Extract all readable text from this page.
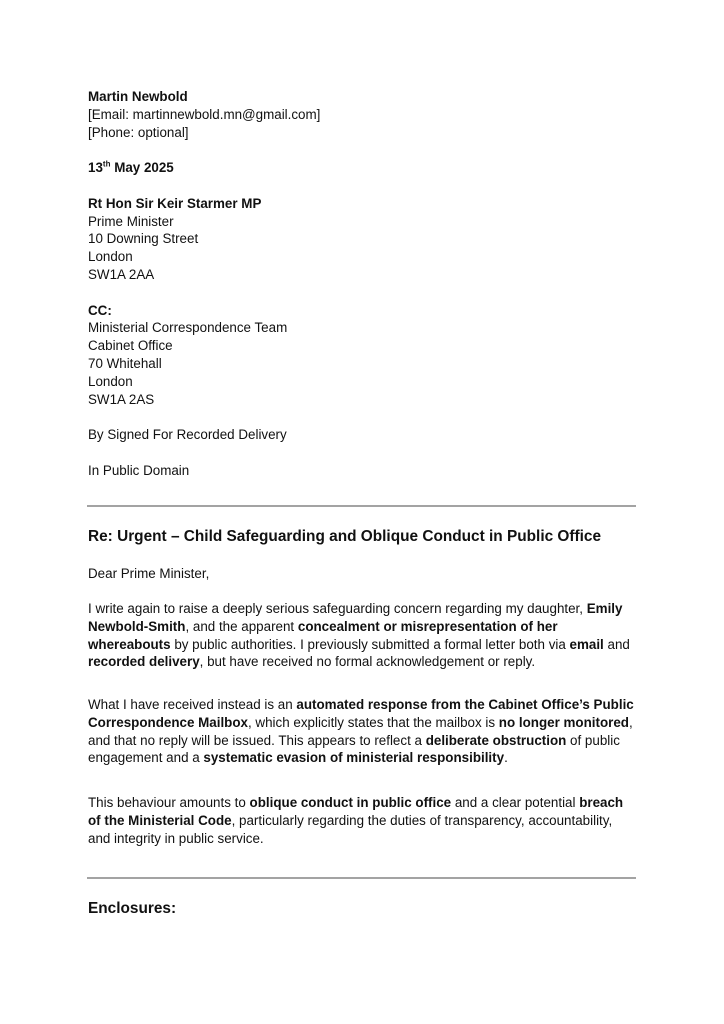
Martin Newbold
[Email: martinnewbold.mn@gmail.com]
[Phone: optional]
13th May 2025
Rt Hon Sir Keir Starmer MP
Prime Minister
10 Downing Street
London
SW1A 2AA
CC:
Ministerial Correspondence Team
Cabinet Office
70 Whitehall
London
SW1A 2AS
By Signed For Recorded Delivery
In Public Domain
Re: Urgent – Child Safeguarding and Oblique Conduct in Public Office
Dear Prime Minister,
I write again to raise a deeply serious safeguarding concern regarding my daughter, Emily Newbold-Smith, and the apparent concealment or misrepresentation of her whereabouts by public authorities. I previously submitted a formal letter both via email and recorded delivery, but have received no formal acknowledgement or reply.
What I have received instead is an automated response from the Cabinet Office’s Public Correspondence Mailbox, which explicitly states that the mailbox is no longer monitored, and that no reply will be issued. This appears to reflect a deliberate obstruction of public engagement and a systematic evasion of ministerial responsibility.
This behaviour amounts to oblique conduct in public office and a clear potential breach of the Ministerial Code, particularly regarding the duties of transparency, accountability, and integrity in public service.
Enclosures:
